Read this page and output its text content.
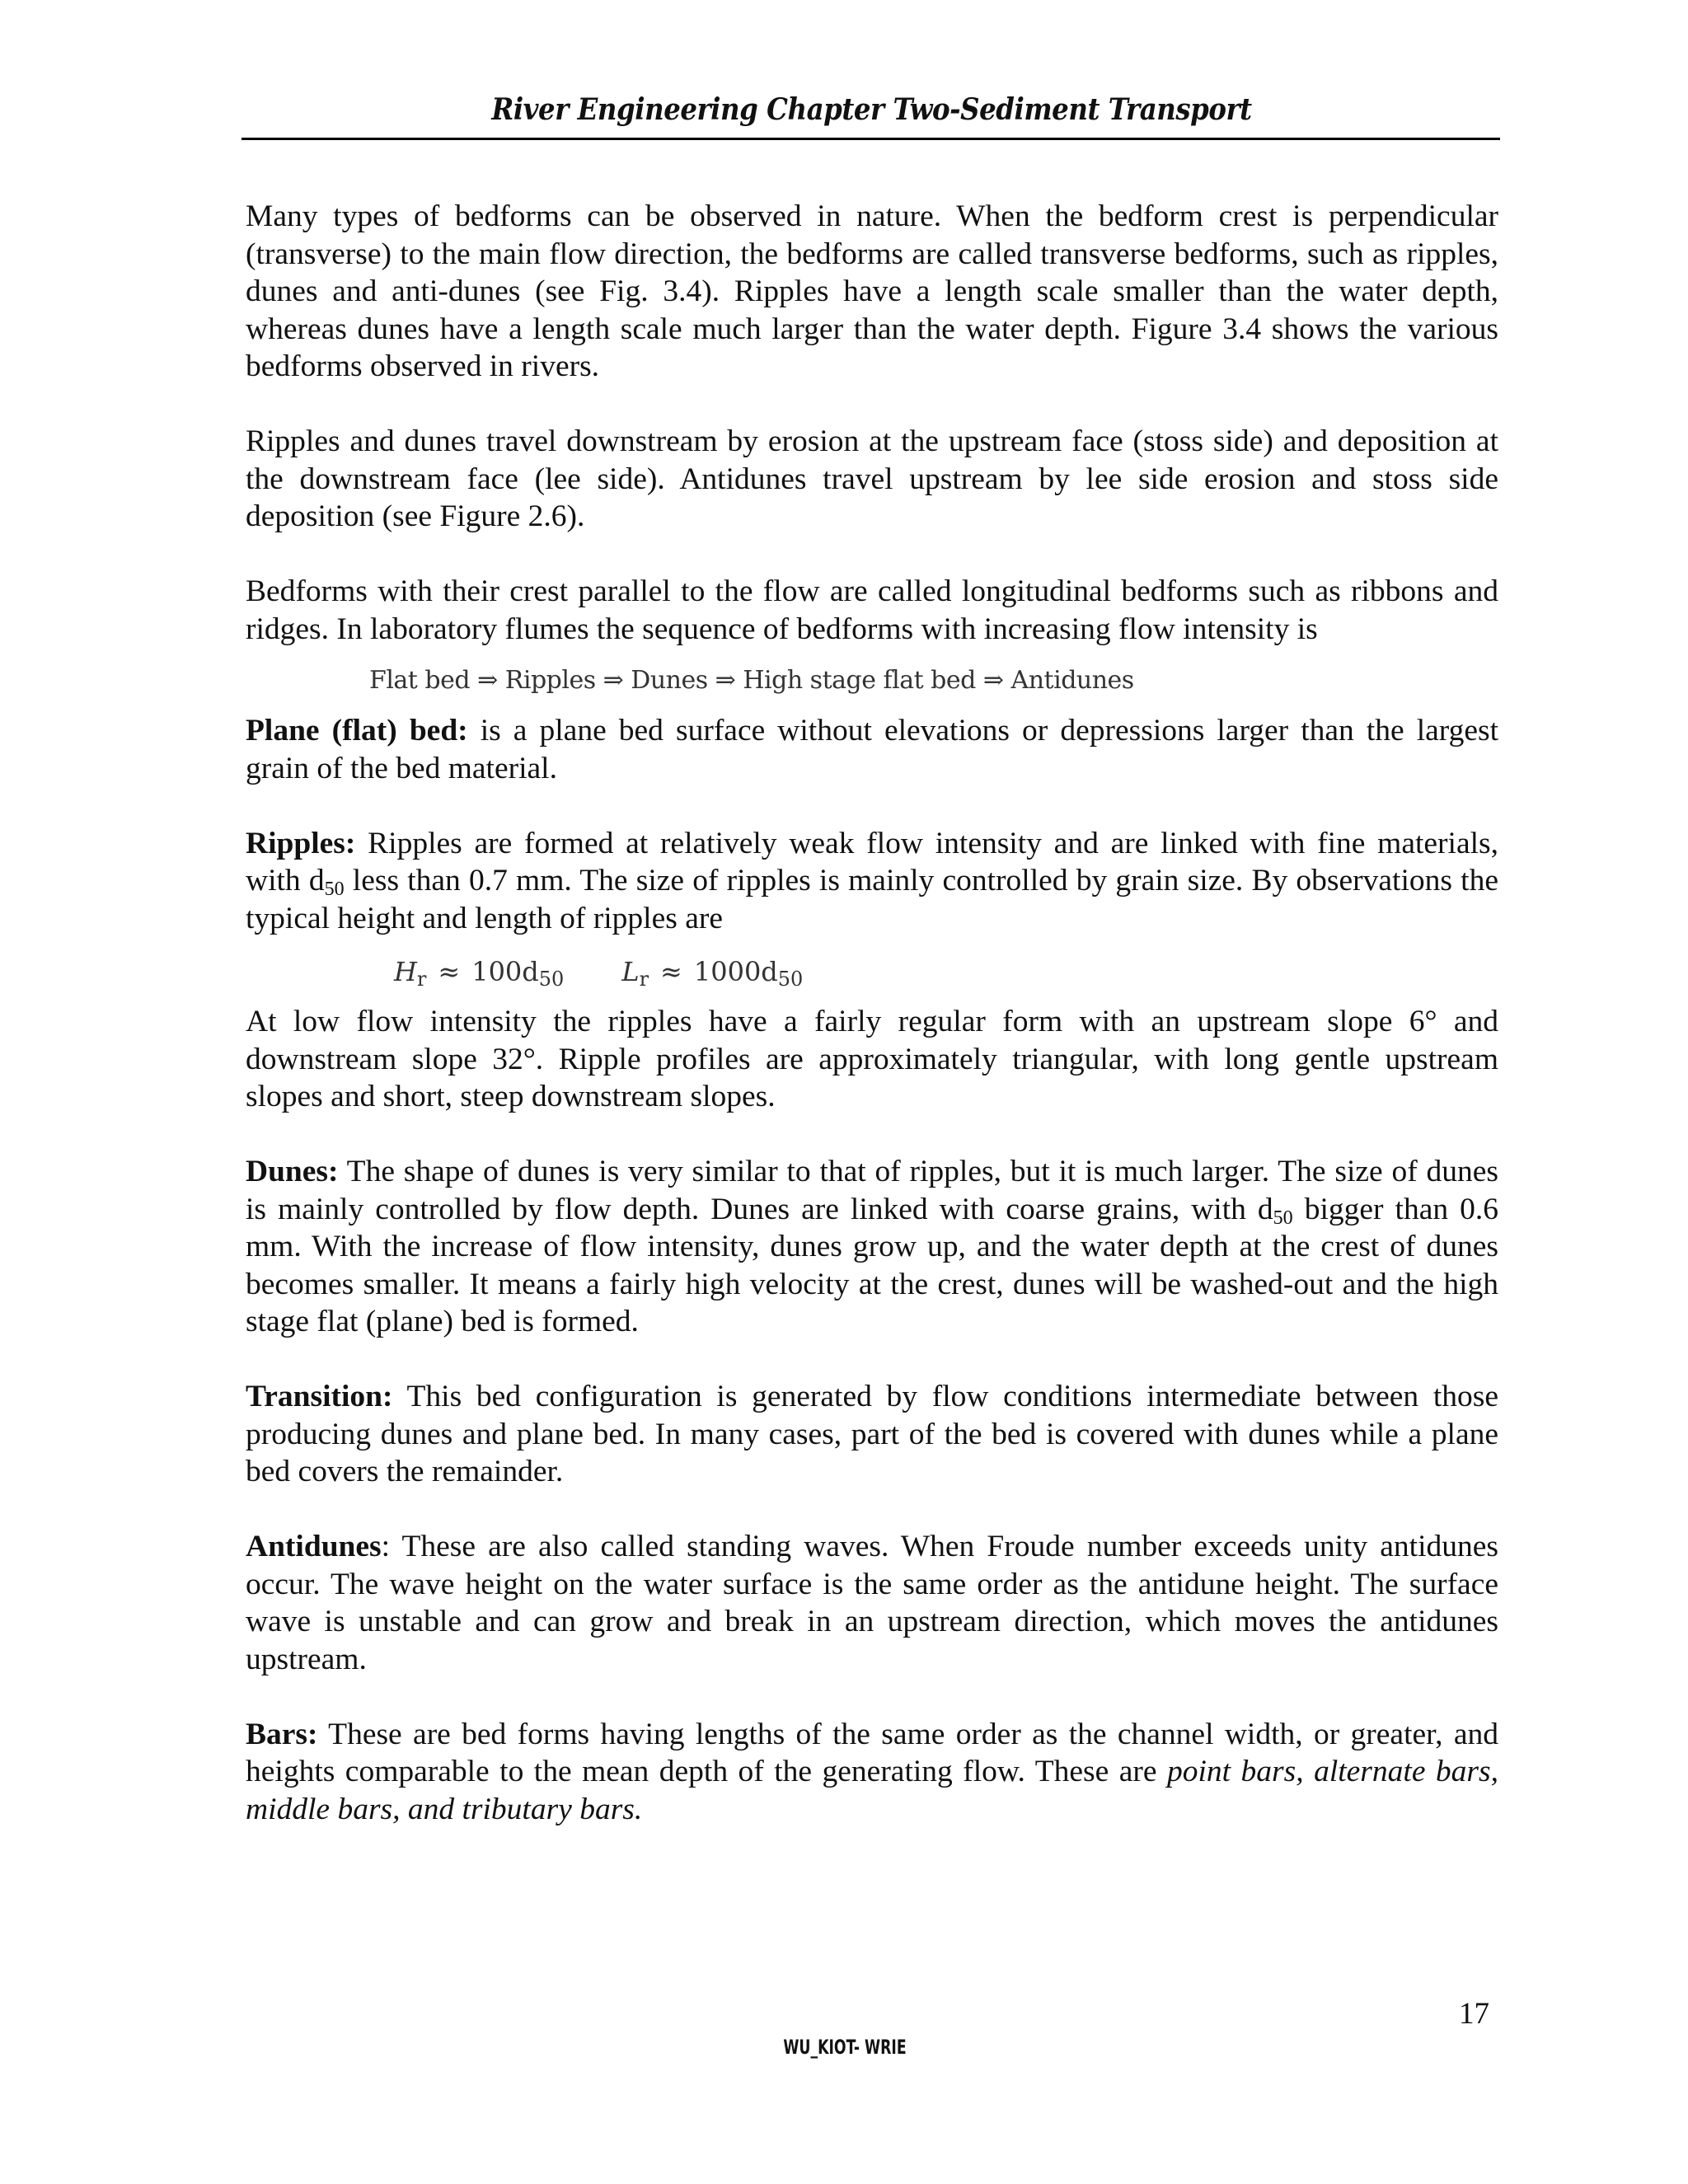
River Engineering Chapter Two-Sediment Transport

Many types of bedforms can be observed in nature. When the bedform crest is perpendicular (transverse) to the main flow direction, the bedforms are called transverse bedforms, such as ripples, dunes and anti-dunes (see Fig. 3.4). Ripples have a length scale smaller than the water depth, whereas dunes have a length scale much larger than the water depth. Figure 3.4 shows the various bedforms observed in rivers.

Ripples and dunes travel downstream by erosion at the upstream face (stoss side) and deposition at the downstream face (lee side). Antidunes travel upstream by lee side erosion and stoss side deposition (see Figure 2.6).

Bedforms with their crest parallel to the flow are called longitudinal bedforms such as ribbons and ridges. In laboratory flumes the sequence of bedforms with increasing flow intensity is

Flat bed ⇒ Ripples ⇒ Dunes ⇒ High stage flat bed ⇒ Antidunes

Plane (flat) bed: is a plane bed surface without elevations or depressions larger than the largest grain of the bed material.

Ripples: Ripples are formed at relatively weak flow intensity and are linked with fine materials, with $d_{50}$ less than 0.7 mm. The size of ripples is mainly controlled by grain size. By observations the typical height and length of ripples are

$H_r \approx 100d_{50}$ $L_r \approx 1000d_{50}$

At low flow intensity the ripples have a fairly regular form with an upstream slope 6° and downstream slope 32°. Ripple profiles are approximately triangular, with long gentle upstream slopes and short, steep downstream slopes.

Dunes: The shape of dunes is very similar to that of ripples, but it is much larger. The size of dunes is mainly controlled by flow depth. Dunes are linked with coarse grains, with $d_{50}$ bigger than 0.6 mm. With the increase of flow intensity, dunes grow up, and the water depth at the crest of dunes becomes smaller. It means a fairly high velocity at the crest, dunes will be washed-out and the high stage flat (plane) bed is formed.

Transition: This bed configuration is generated by flow conditions intermediate between those producing dunes and plane bed. In many cases, part of the bed is covered with dunes while a plane bed covers the remainder.

Antidunes: These are also called standing waves. When Froude number exceeds unity antidunes occur. The wave height on the water surface is the same order as the antidune height. The surface wave is unstable and can grow and break in an upstream direction, which moves the antidunes upstream.

Bars: These are bed forms having lengths of the same order as the channel width, or greater, and heights comparable to the mean depth of the generating flow. These are point bars, alternate bars, middle bars, and tributary bars.

17
WU_KIOT- WRIE
